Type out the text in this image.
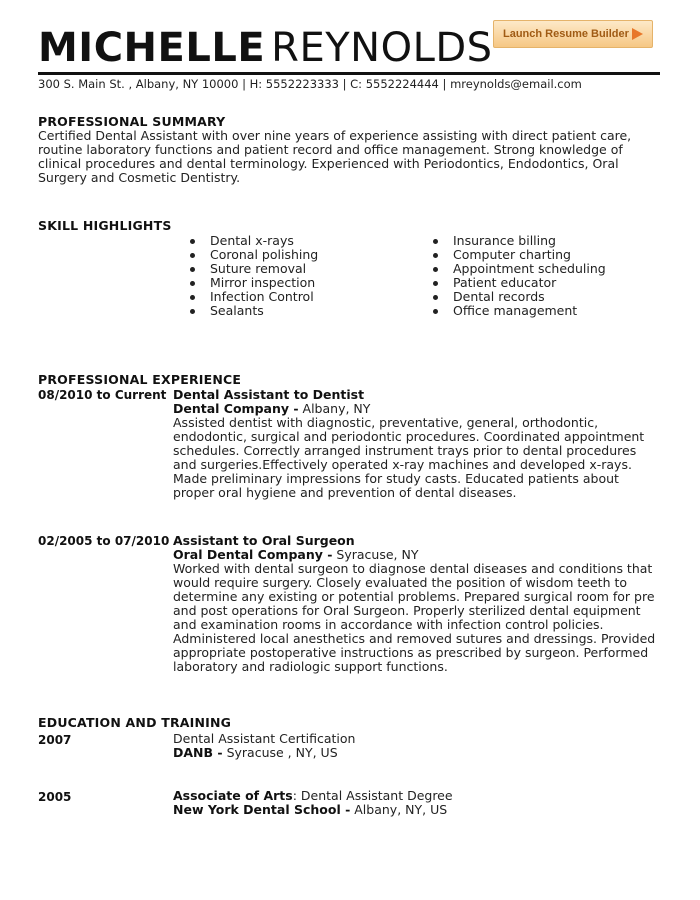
MICHELLE REYNOLDS Launch Resume Builder
300 S. Main St. , Albany, NY 10000 | H: 5552223333 | C: 5552224444 | mreynolds@email.com
PROFESSIONAL SUMMARY

Certified Dental Assistant with over nine years of experience assisting with direct patient care, routine laboratory functions and patient record and office management. Strong knowledge of clinical procedures and dental terminology. Experienced with Periodontics, Endodontics, Oral Surgery and Cosmetic Dentistry.

SKILL HIGHLIGHTS
Dental x-rays
Coronal polishing
Suture removal
Mirror inspection
Infection Control
Sealants
Insurance billing
Computer charting
Appointment scheduling
Patient educator
Dental records
Office management
PROFESSIONAL EXPERIENCE
08/2010 to Current Dental Assistant to Dentist
Dental Company - Albany, NY

Assisted dentist with diagnostic, preventative, general, orthodontic, endodontic, surgical and periodontic procedures. Coordinated appointment schedules. Correctly arranged instrument trays prior to dental procedures and surgeries.Effectively operated x-ray machines and developed x-rays. Made preliminary impressions for study casts. Educated patients about proper oral hygiene and prevention of dental diseases.

02/2005 to 07/2010 Assistant to Oral Surgeon
Oral Dental Company - Syracuse, NY

Worked with dental surgeon to diagnose dental diseases and conditions that would require surgery. Closely evaluated the position of wisdom teeth to determine any existing or potential problems. Prepared surgical room for pre and post operations for Oral Surgeon. Properly sterilized dental equipment and examination rooms in accordance with infection control policies. Administered local anesthetics and removed sutures and dressings. Provided appropriate postoperative instructions as prescribed by surgeon. Performed laboratory and radiologic support functions.

EDUCATION AND TRAINING
2007	Dental Assistant Certification
DANB - Syracuse , NY, US
2005	Associate of Arts: Dental Assistant Degree
New York Dental School - Albany, NY, US
